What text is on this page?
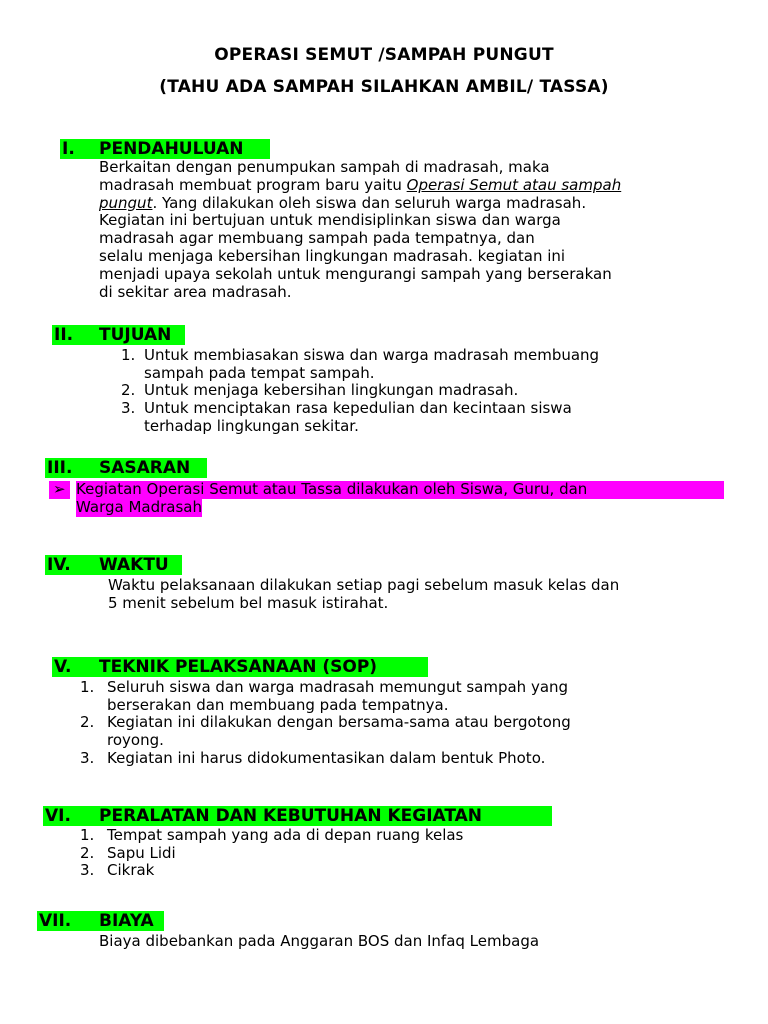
OPERASI SEMUT /SAMPAH PUNGUT
(TAHU ADA SAMPAH SILAHKAN AMBIL/ TASSA)
I. PENDAHULUAN

Berkaitan dengan penumpukan sampah di madrasah, maka

madrasah membuat program baru yaitu Operasi Semut atau sampah

pungut. Yang dilakukan oleh siswa dan seluruh warga madrasah.

Kegiatan ini bertujuan untuk mendisiplinkan siswa dan warga

madrasah agar membuang sampah pada tempatnya, dan

selalu menjaga kebersihan lingkungan madrasah. kegiatan ini

menjadi upaya sekolah untuk mengurangi sampah yang berserakan

di sekitar area madrasah.

II. TUJUAN
1. Untuk membiasakan siswa dan warga madrasah membuang
sampah pada tempat sampah.
2. Untuk menjaga kebersihan lingkungan madrasah.
3. Untuk menciptakan rasa kepedulian dan kecintaan siswa
terhadap lingkungan sekitar.
III. SASARAN
➢ Kegiatan Operasi Semut atau Tassa dilakukan oleh Siswa, Guru, dan
Warga Madrasah
IV. WAKTU

Waktu pelaksanaan dilakukan setiap pagi sebelum masuk kelas dan

5 menit sebelum bel masuk istirahat.

V. TEKNIK PELAKSANAAN (SOP)
1. Seluruh siswa dan warga madrasah memungut sampah yang
berserakan dan membuang pada tempatnya.
2. Kegiatan ini dilakukan dengan bersama-sama atau bergotong
royong.
3. Kegiatan ini harus didokumentasikan dalam bentuk Photo.
VI. PERALATAN DAN KEBUTUHAN KEGIATAN
1. Tempat sampah yang ada di depan ruang kelas
2. Sapu Lidi
3. Cikrak
VII. BIAYA

Biaya dibebankan pada Anggaran BOS dan Infaq Lembaga
